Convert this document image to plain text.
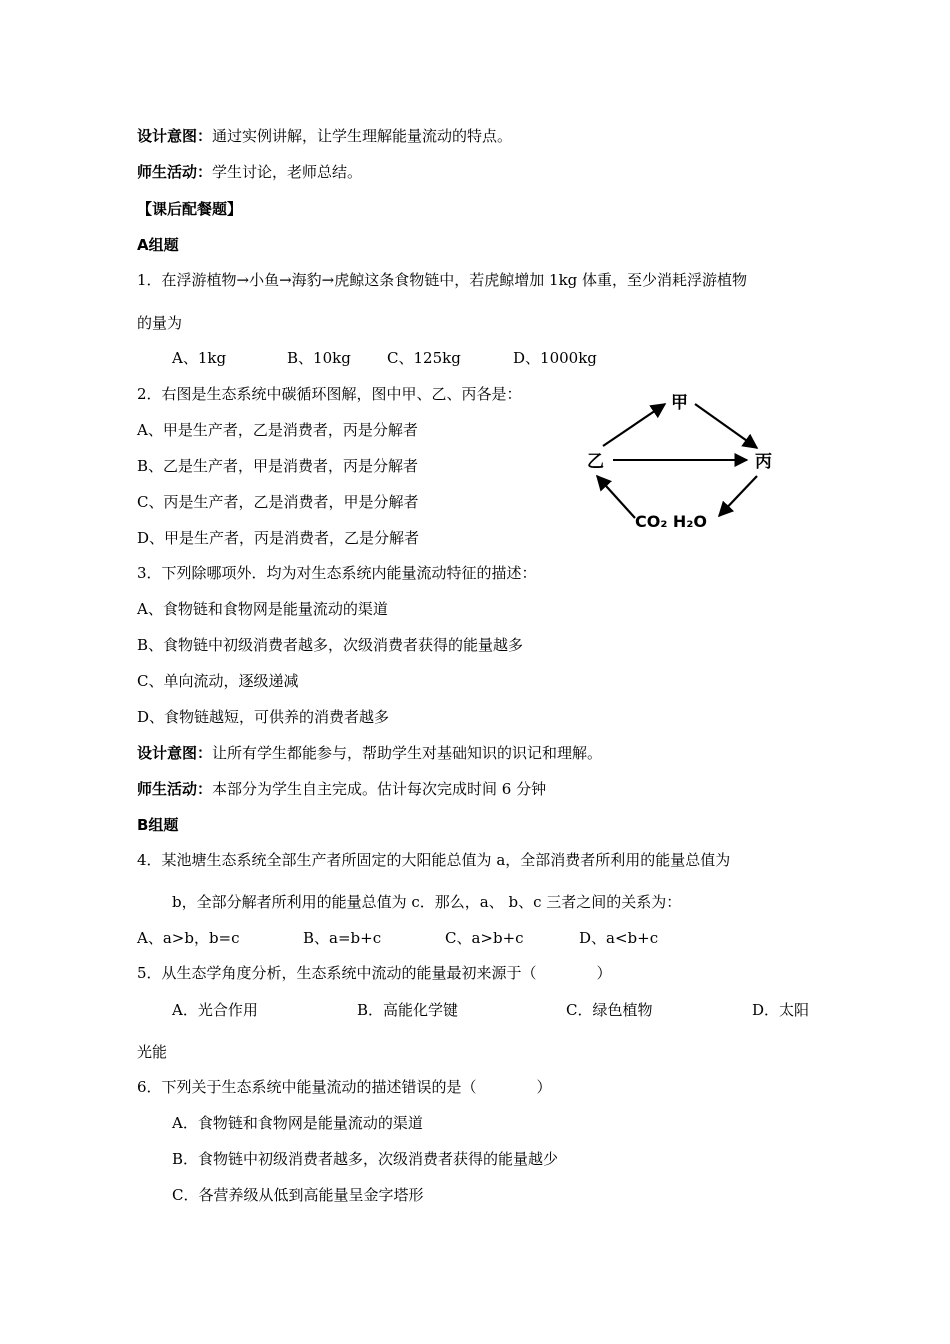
设计意图：通过实例讲解，让学生理解能量流动的特点。
师生活动：学生讨论，老师总结。
【课后配餐题】
A组题
1．在浮游植物→小鱼→海豹→虎鲸这条食物链中，若虎鲸增加 1kg 体重，至少消耗浮游植物
的量为
A、1kg	B、10kg C、125kg	D、1000kg
2．右图是生态系统中碳循环图解，图中甲、乙、丙各是：
A、甲是生产者，乙是消费者，丙是分解者
B、乙是生产者，甲是消费者，丙是分解者
C、丙是生产者，乙是消费者，甲是分解者
D、甲是生产者，丙是消费者，乙是分解者
甲
乙	丙
CO₂ H₂O
3．下列除哪项外．均为对生态系统内能量流动特征的描述：
A、食物链和食物网是能量流动的渠道
B、食物链中初级消费者越多，次级消费者获得的能量越多
C、单向流动，逐级递减
D、食物链越短，可供养的消费者越多
设计意图：让所有学生都能参与，帮助学生对基础知识的识记和理解。
师生活动：本部分为学生自主完成。估计每次完成时间 6 分钟
B组题
4．某池塘生态系统全部生产者所固定的大阳能总值为 a，全部消费者所利用的能量总值为
b，全部分解者所利用的能量总值为 c．那么，a、 b、c 三者之间的关系为：
A、a>b，b=c	B、a=b+c	C、a>b+c	D、a<b+c
5．从生态学角度分析，生态系统中流动的能量最初来源于（　　　　）
A．光合作用	B．高能化学键	C．绿色植物	D．太阳
光能
6．下列关于生态系统中能量流动的描述错误的是（　　　　）
A．食物链和食物网是能量流动的渠道
B．食物链中初级消费者越多，次级消费者获得的能量越少
C．各营养级从低到高能量呈金字塔形
